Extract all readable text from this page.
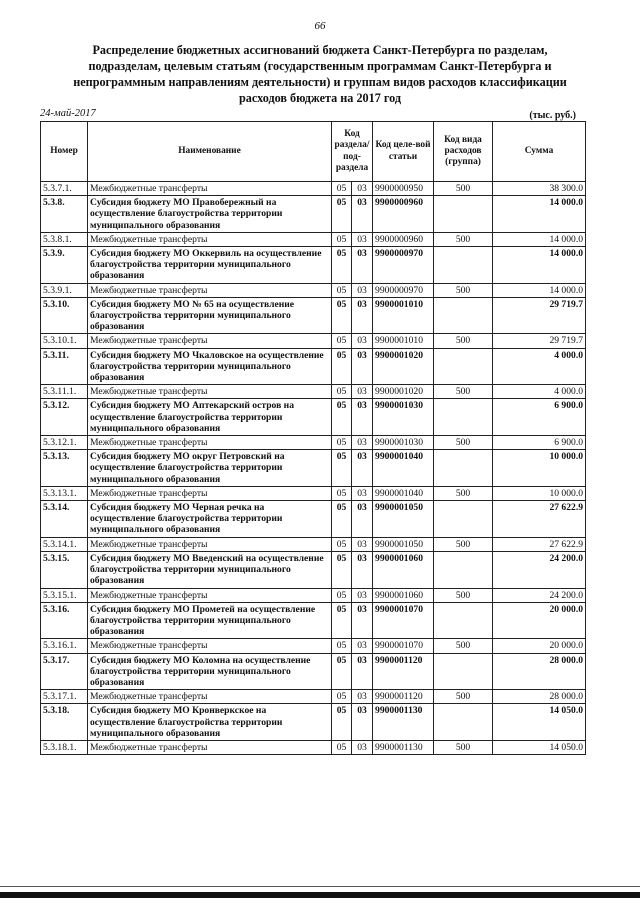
66
Распределение бюджетных ассигнований бюджета Санкт-Петербурга по разделам,
подразделам, целевым статьям (государственным программам Санкт-Петербурга и
непрограммным направлениям деятельности) и группам видов расходов классификации
расходов бюджета на 2017 год
24-май-2017	(тыс. руб.)
Номер	Наименование	Код раздела/ под-раздела		Код целе-вой статьи	Код вида расходов (группа)	Сумма
5.3.7.1.	Межбюджетные трансферты	05	03	9900000950	500	38 300.0
5.3.8.	Субсидия бюджету МО Правобережный на осуществление благоустройства территории муниципального образования	05	03	9900000960		14 000.0
5.3.8.1.	Межбюджетные трансферты	05	03	9900000960	500	14 000.0
5.3.9.	Субсидия бюджету МО Оккервиль на осуществление благоустройства территории муниципального образования	05	03	9900000970		14 000.0
5.3.9.1.	Межбюджетные трансферты	05	03	9900000970	500	14 000.0
5.3.10.	Субсидия бюджету МО № 65 на осуществление благоустройства территории муниципального образования	05	03	9900001010		29 719.7
5.3.10.1.	Межбюджетные трансферты	05	03	9900001010	500	29 719.7
5.3.11.	Субсидия бюджету МО Чкаловское на осуществление благоустройства территории муниципального образования	05	03	9900001020		4 000.0
5.3.11.1.	Межбюджетные трансферты	05	03	9900001020	500	4 000.0
5.3.12.	Субсидия бюджету МО Аптекарский остров на осуществление благоустройства территории муниципального образования	05	03	9900001030		6 900.0
5.3.12.1.	Межбюджетные трансферты	05	03	9900001030	500	6 900.0
5.3.13.	Субсидия бюджету МО округ Петровский на осуществление благоустройства территории муниципального образования	05	03	9900001040		10 000.0
5.3.13.1.	Межбюджетные трансферты	05	03	9900001040	500	10 000.0
5.3.14.	Субсидия бюджету МО Черная речка на осуществление благоустройства территории муниципального образования	05	03	9900001050		27 622.9
5.3.14.1.	Межбюджетные трансферты	05	03	9900001050	500	27 622.9
5.3.15.	Субсидия бюджету МО Введенский на осуществление благоустройства территории муниципального образования	05	03	9900001060		24 200.0
5.3.15.1.	Межбюджетные трансферты	05	03	9900001060	500	24 200.0
5.3.16.	Субсидия бюджету МО Прометей на осуществление благоустройства территории муниципального образования	05	03	9900001070		20 000.0
5.3.16.1.	Межбюджетные трансферты	05	03	9900001070	500	20 000.0
5.3.17.	Субсидия бюджету МО Коломна на осуществление благоустройства территории муниципального образования	05	03	9900001120		28 000.0
5.3.17.1.	Межбюджетные трансферты	05	03	9900001120	500	28 000.0
5.3.18.	Субсидия бюджету МО Кронверкское на осуществление благоустройства территории муниципального образования	05	03	9900001130		14 050.0
5.3.18.1.	Межбюджетные трансферты	05	03	9900001130	500	14 050.0
